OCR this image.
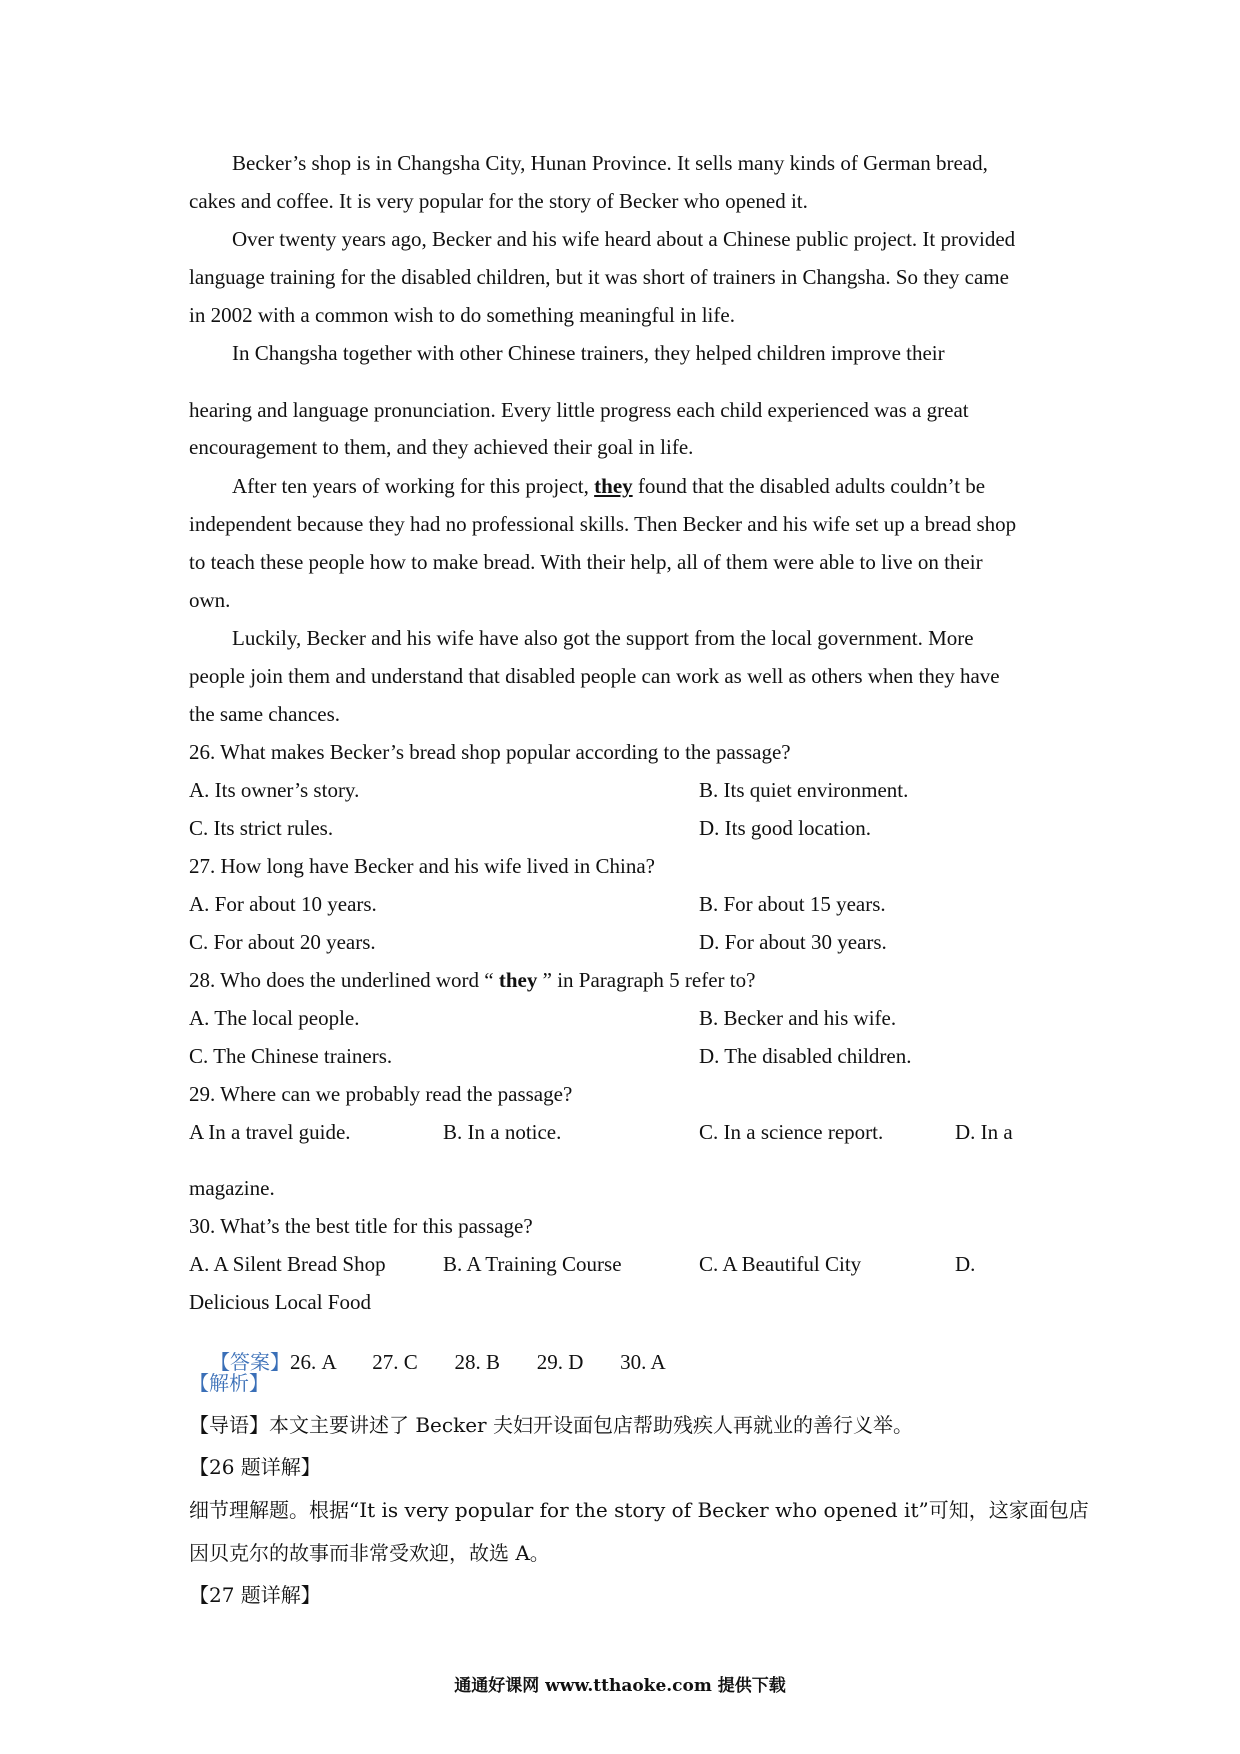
Becker’s shop is in Changsha City, Hunan Province. It sells many kinds of German bread,
cakes and coffee. It is very popular for the story of Becker who opened it.
Over twenty years ago, Becker and his wife heard about a Chinese public project. It provided
language training for the disabled children, but it was short of trainers in Changsha. So they came
in 2002 with a common wish to do something meaningful in life.
In Changsha together with other Chinese trainers, they helped children improve their
hearing and language pronunciation. Every little progress each child experienced was a great
encouragement to them, and they achieved their goal in life.
After ten years of working for this project, they found that the disabled adults couldn’t be
independent because they had no professional skills. Then Becker and his wife set up a bread shop
to teach these people how to make bread. With their help, all of them were able to live on their
own.
Luckily, Becker and his wife have also got the support from the local government. More
people join them and understand that disabled people can work as well as others when they have
the same chances.
26. What makes Becker’s bread shop popular according to the passage?
A. Its owner’s story.	B. Its quiet environment.
C. Its strict rules.	D. Its good location.
27. How long have Becker and his wife lived in China?
A. For about 10 years.	B. For about 15 years.
C. For about 20 years.	D. For about 30 years.
28. Who does the underlined word “ they ” in Paragraph 5 refer to?
A. The local people.	B. Becker and his wife.
C. The Chinese trainers.	D. The disabled children.
29. Where can we probably read the passage?
A In a travel guide.	B. In a notice.	C. In a science report.	D. In a
magazine.
30. What’s the best title for this passage?
A. A Silent Bread Shop	B. A Training Course	C. A Beautiful City	D.
Delicious Local Food

【答案】26. A       27. C       28. B       29. D       30. A

【解析】
【导语】本文主要讲述了 Becker 夫妇开设面包店帮助残疾人再就业的善行义举。
【26 题详解】
细节理解题。根据“It is very popular for the story of Becker who opened it”可知，这家面包店
因贝克尔的故事而非常受欢迎，故选 A。
【27 题详解】
通通好课网 www.tthaoke.com 提供下载
